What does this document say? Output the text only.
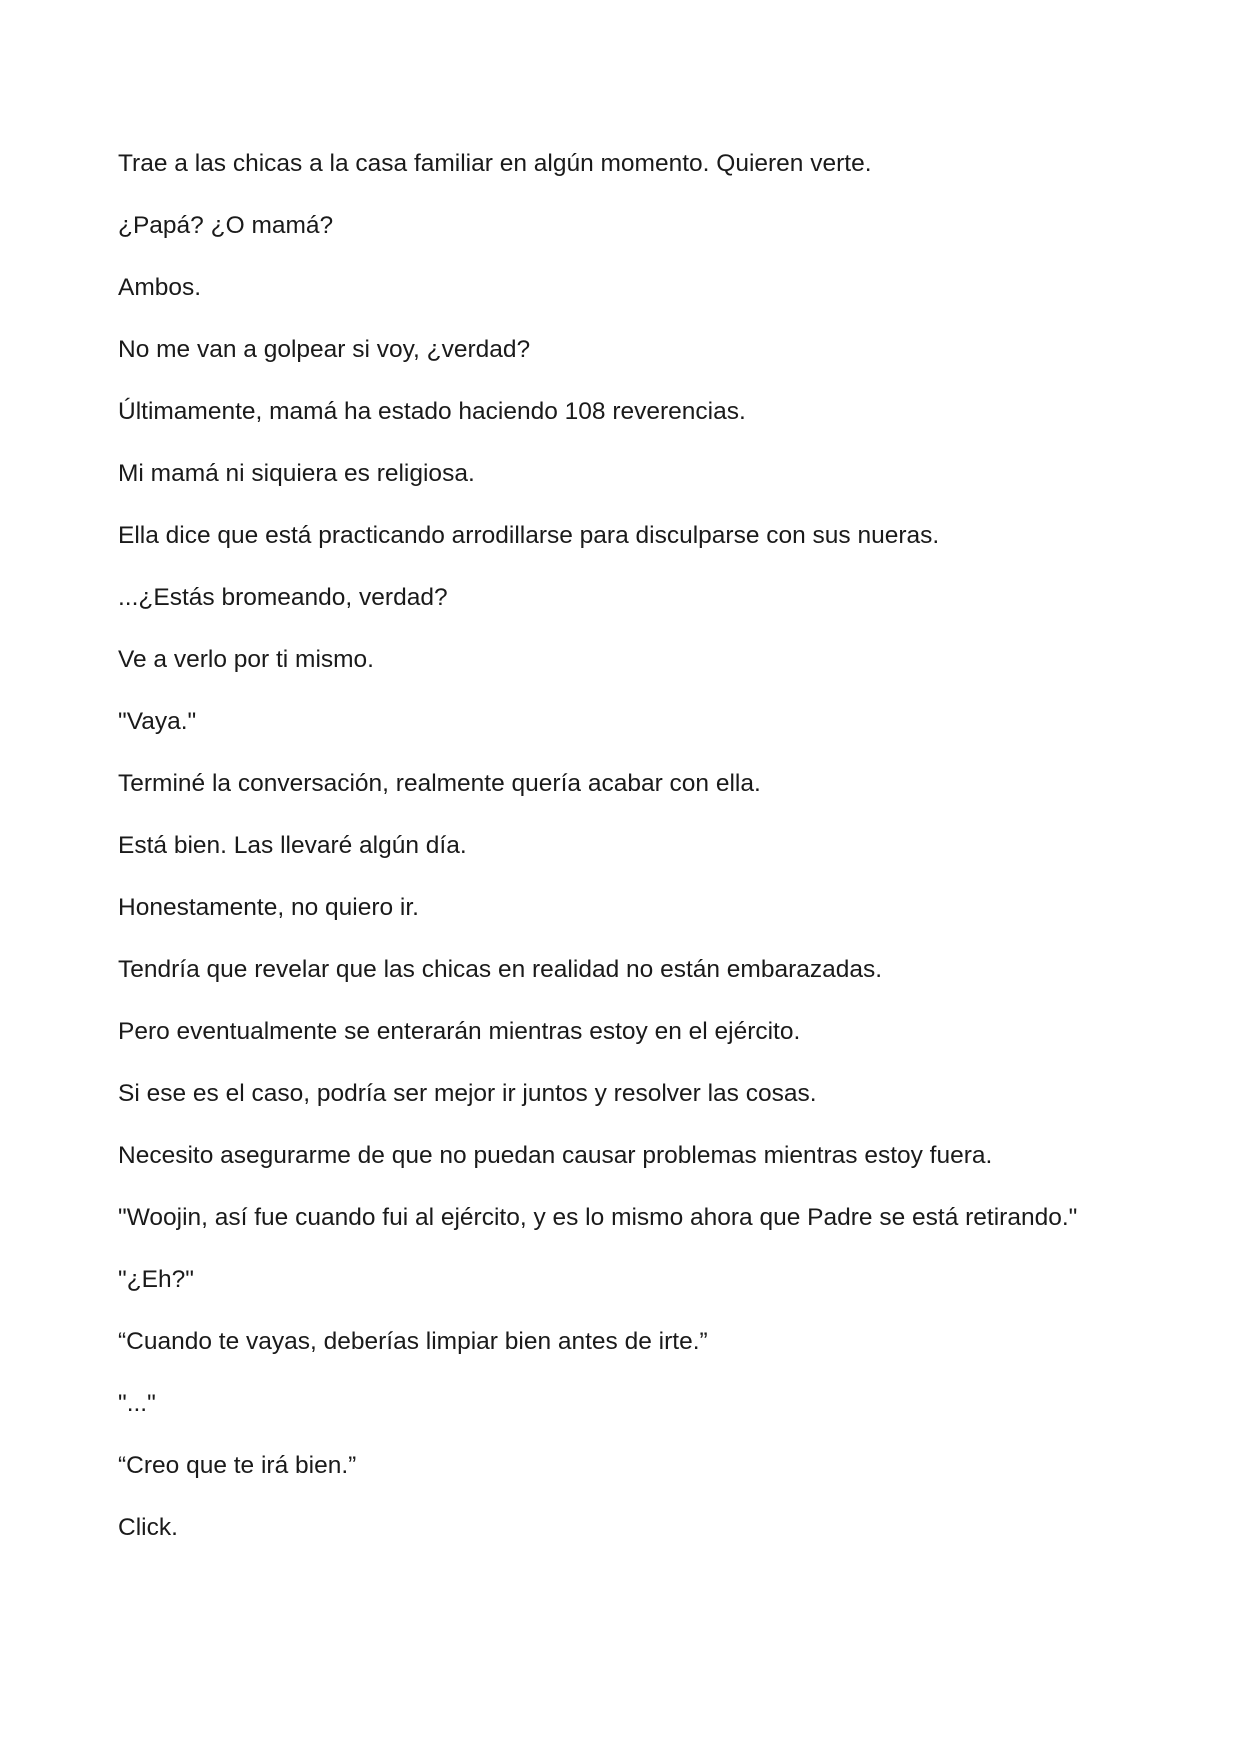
Trae a las chicas a la casa familiar en algún momento. Quieren verte.

¿Papá? ¿O mamá?

Ambos.

No me van a golpear si voy, ¿verdad?

Últimamente, mamá ha estado haciendo 108 reverencias.

Mi mamá ni siquiera es religiosa.

Ella dice que está practicando arrodillarse para disculparse con sus nueras.

...¿Estás bromeando, verdad?

Ve a verlo por ti mismo.

"Vaya."

Terminé la conversación, realmente quería acabar con ella.

Está bien. Las llevaré algún día.

Honestamente, no quiero ir.

Tendría que revelar que las chicas en realidad no están embarazadas.

Pero eventualmente se enterarán mientras estoy en el ejército.

Si ese es el caso, podría ser mejor ir juntos y resolver las cosas.

Necesito asegurarme de que no puedan causar problemas mientras estoy fuera.

"Woojin, así fue cuando fui al ejército, y es lo mismo ahora que Padre se está retirando."

"¿Eh?"

“Cuando te vayas, deberías limpiar bien antes de irte.”

"..."

“Creo que te irá bien.”

Click.
